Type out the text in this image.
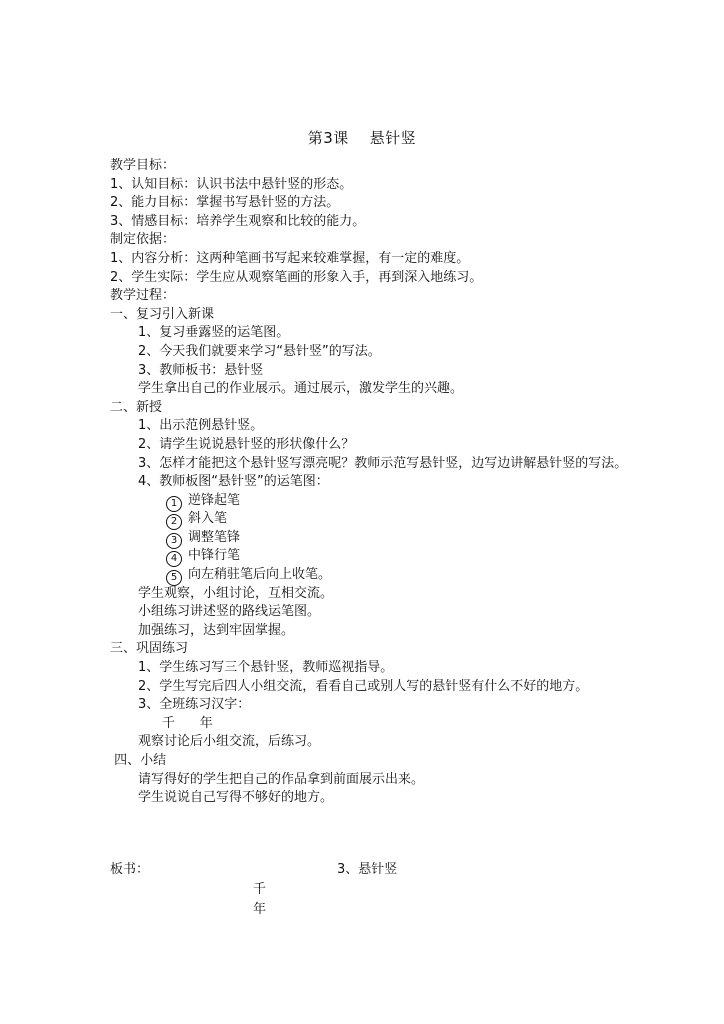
第3课    悬针竖
教学目标：
1、认知目标：认识书法中悬针竖的形态。
2、能力目标：掌握书写悬针竖的方法。
3、情感目标：培养学生观察和比较的能力。
制定依据：
1、内容分析：这两种笔画书写起来较难掌握，有一定的难度。
2、学生实际：学生应从观察笔画的形象入手，再到深入地练习。
教学过程：
一、复习引入新课
1、复习垂露竖的运笔图。
2、今天我们就要来学习“悬针竖”的写法。
3、教师板书：悬针竖
学生拿出自己的作业展示。通过展示，激发学生的兴趣。
二、新授
1、出示范例悬针竖。
2、请学生说说悬针竖的形状像什么？
3、怎样才能把这个悬针竖写漂亮呢？教师示范写悬针竖，边写边讲解悬针竖的写法。
4、教师板图“悬针竖”的运笔图：
1 逆锋起笔
2 斜入笔
3 调整笔锋
4 中锋行笔
5 向左稍驻笔后向上收笔。
学生观察，小组讨论，互相交流。
小组练习讲述竖的路线运笔图。
加强练习，达到牢固掌握。
三、巩固练习
1、学生练习写三个悬针竖，教师巡视指导。
2、学生写完后四人小组交流，看看自己或别人写的悬针竖有什么不好的地方。
3、全班练习汉字：
千      年
观察讨论后小组交流，后练习。
四、小结
请写得好的学生把自己的作品拿到前面展示出来。
学生说说自己写得不够好的地方。
板书：	3、悬针竖
千
年
